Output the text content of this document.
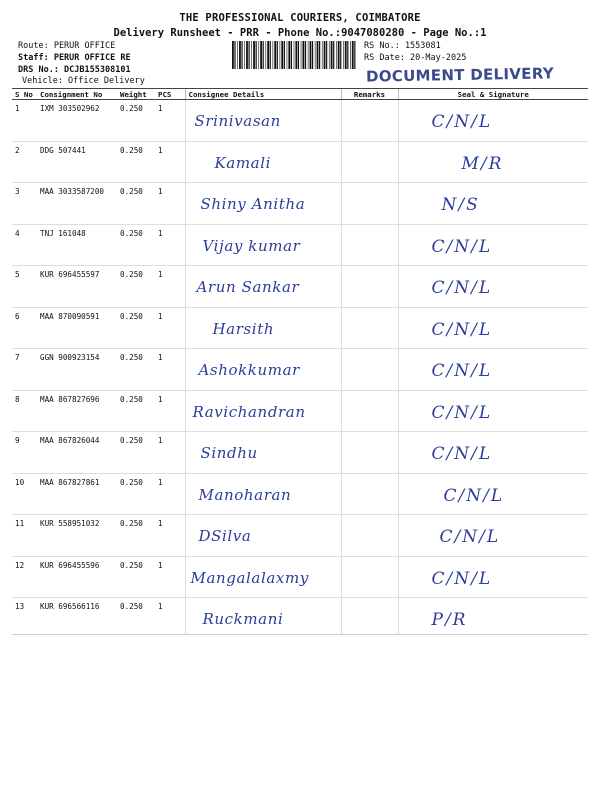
THE PROFESSIONAL COURIERS, COIMBATORE
Delivery Runsheet - PRR - Phone No.:9047080280 - Page No.:1
Route: PERUR OFFICE
Staff: PERUR OFFICE RE
DRS No.: DCJB155308101
Vehicle: Office Delivery
RS No.: 1553081
RS Date: 20-May-2025
DOCUMENT DELIVERY
S No	Consignment No	Weight	PCS	Consignee Details	Remarks	Seal & Signature
1	IXM 303502962	0.250	1	Srinivasan		C/N/L
2	DDG 507441	0.250	1	Kamali		M/R
3	MAA 3033587200	0.250	1	Shiny Anitha		N/S
4	TNJ 161048	0.250	1	Vijay kumar		C/N/L
5	KUR 696455597	0.250	1	Arun Sankar		C/N/L
6	MAA 870090591	0.250	1	Harsith		C/N/L
7	GGN 900923154	0.250	1	Ashokkumar		C/N/L
8	MAA 867827696	0.250	1	Ravichandran		C/N/L
9	MAA 867826044	0.250	1	Sindhu		C/N/L
10	MAA 867827861	0.250	1	Manoharan		C/N/L
11	KUR 558951032	0.250	1	DSilva		C/N/L
12	KUR 696455596	0.250	1	Mangalalaxmy		C/N/L
13	KUR 696566116	0.250	1	Ruckmani		P/R
